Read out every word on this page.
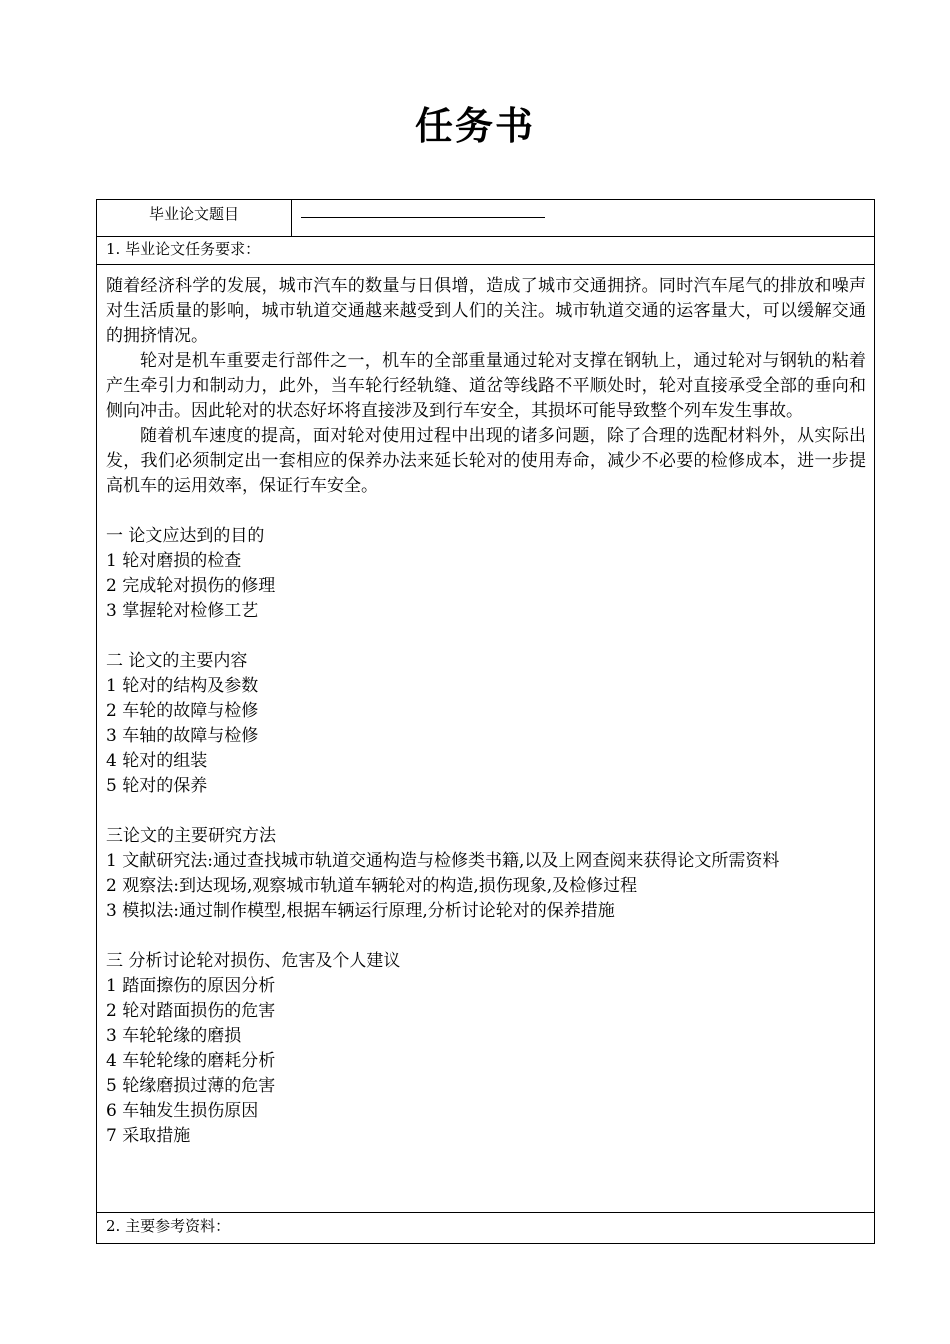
任务书
毕业论文题目	

1. 毕业论文任务要求：

随着经济科学的发展，城市汽车的数量与日俱增，造成了城市交通拥挤。同时汽车尾气的排放和噪声对生活质量的影响，城市轨道交通越来越受到人们的关注。城市轨道交通的运客量大，可以缓解交通的拥挤情况。

轮对是机车重要走行部件之一，机车的全部重量通过轮对支撑在钢轨上，通过轮对与钢轨的粘着产生牵引力和制动力，此外，当车轮行经轨缝、道岔等线路不平顺处时，轮对直接承受全部的垂向和侧向冲击。因此轮对的状态好坏将直接涉及到行车安全，其损坏可能导致整个列车发生事故。

随着机车速度的提高，面对轮对使用过程中出现的诸多问题，除了合理的选配材料外，从实际出发，我们必须制定出一套相应的保养办法来延长轮对的使用寿命，减少不必要的检修成本，进一步提高机车的运用效率，保证行车安全。

一 论文应达到的目的
1 轮对磨损的检查
2 完成轮对损伤的修理
3 掌握轮对检修工艺
二 论文的主要内容
1 轮对的结构及参数
2 车轮的故障与检修
3 车轴的故障与检修
4 轮对的组装
5 轮对的保养
三论文的主要研究方法

1 文献研究法:通过查找城市轨道交通构造与检修类书籍,以及上网查阅来获得论文所需资料

2 观察法:到达现场,观察城市轨道车辆轮对的构造,损伤现象,及检修过程
3 模拟法:通过制作模型,根据车辆运行原理,分析讨论轮对的保养措施
三 分析讨论轮对损伤、危害及个人建议
1 踏面擦伤的原因分析
2 轮对踏面损伤的危害
3 车轮轮缘的磨损
4 车轮轮缘的磨耗分析
5 轮缘磨损过薄的危害
6 车轴发生损伤原因
7 采取措施

2. 主要参考资料：
